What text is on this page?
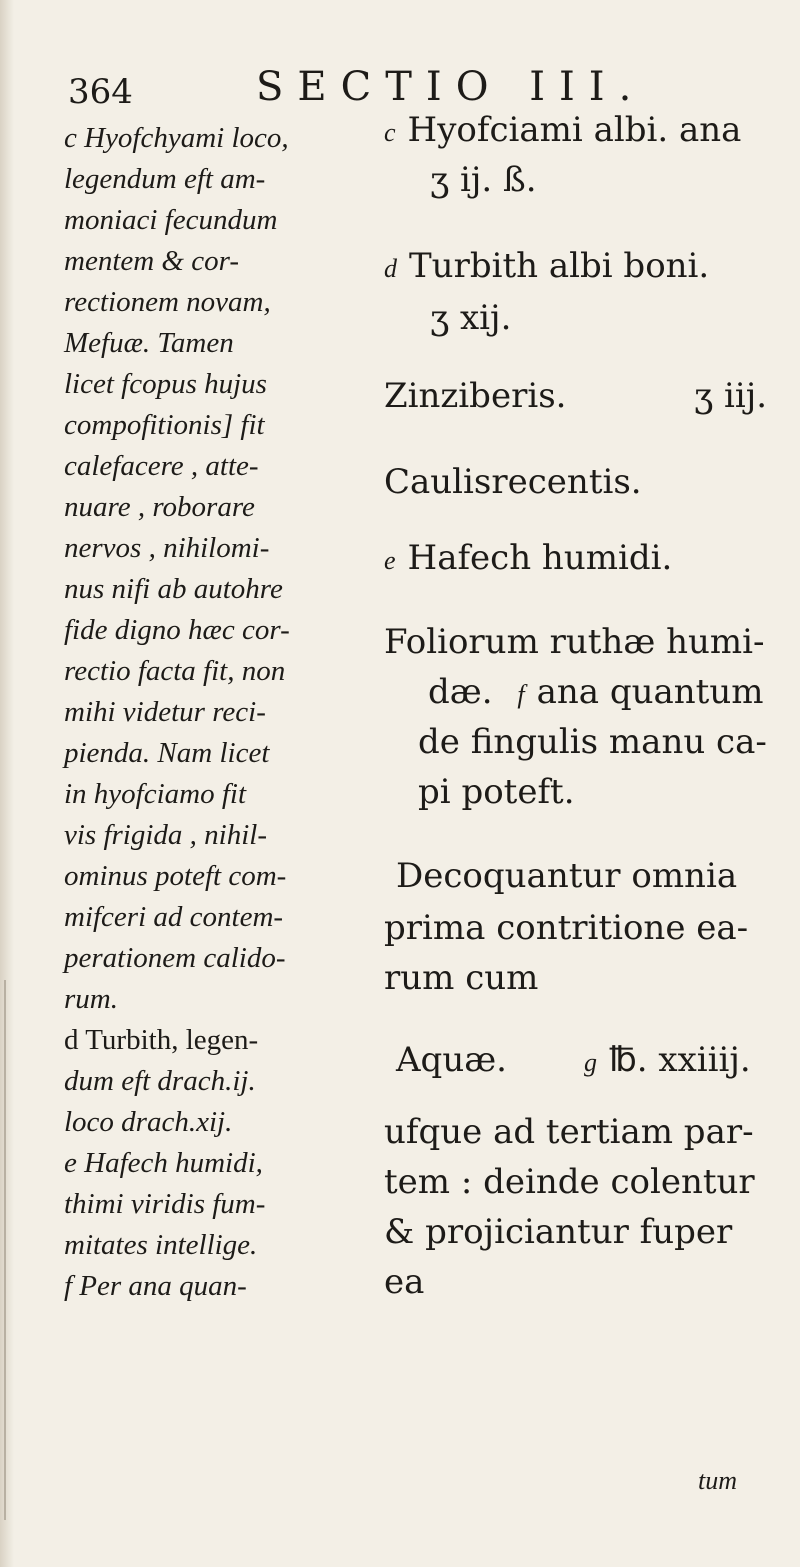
364	SECTIO III.
c Hyofchyami loco,
legendum eft am-
moniaci fecundum
mentem & cor-
rectionem novam,
Mefuæ. Tamen
licet fcopus hujus
compofitionis] fit
calefacere , atte-
nuare , roborare
nervos , nihilomi-
nus nifi ab autohre
fide digno hæc cor-
rectio facta fit, non
mihi videtur reci-
pienda. Nam licet
in hyofciamo fit
vis frigida , nihil-
ominus poteft com-
mifceri ad contem-
perationem calido-
rum.
d Turbith, legen-
dum eft drach.ij.
loco drach.xij.
e Hafech humidi,
thimi viridis fum-
mitates intellige.
f Per ana quan-
c Hyofciami albi. ana
ʒ ij. ß.
d Turbith albi boni.
ʒ xij.
Zinziberis.	ʒ iij.
Caulisrecentis.
e Hafech humidi.
Foliorum ruthæ humi-
dæ. f ana quantum
de fingulis manu ca-
pi poteft.
Decoquantur omnia
prima contritione ea-
rum cum
Aquæ.	g ℔. xxiiij.
ufque ad tertiam par-
tem : deinde colentur
& projiciantur fuper
ea
tum
